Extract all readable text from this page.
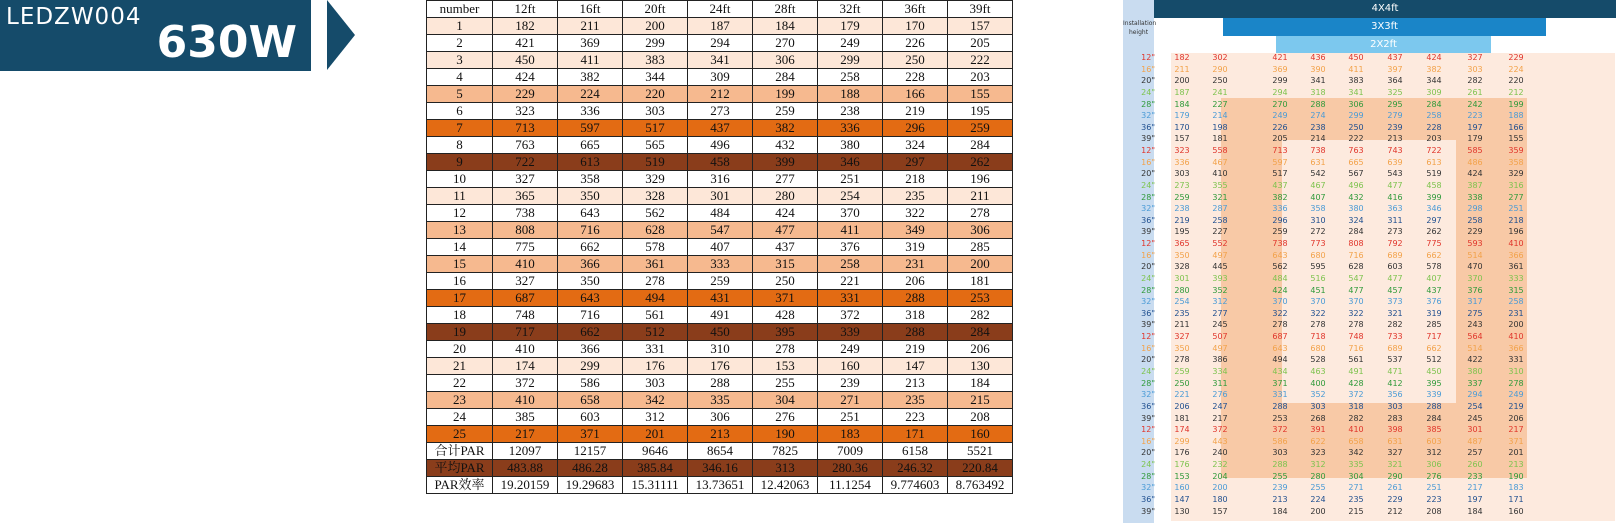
LEDZW004 630W
number	12ft	16ft	20ft	24ft	28ft	32ft	36ft	39ft
1	182	211	200	187	184	179	170	157
2	421	369	299	294	270	249	226	205
3	450	411	383	341	306	299	250	222
4	424	382	344	309	284	258	228	203
5	229	224	220	212	199	188	166	155
6	323	336	303	273	259	238	219	195
7	713	597	517	437	382	336	296	259
8	763	665	565	496	432	380	324	284
9	722	613	519	458	399	346	297	262
10	327	358	329	316	277	251	218	196
11	365	350	328	301	280	254	235	211
12	738	643	562	484	424	370	322	278
13	808	716	628	547	477	411	349	306
14	775	662	578	407	437	376	319	285
15	410	366	361	333	315	258	231	200
16	327	350	278	259	250	221	206	181
17	687	643	494	431	371	331	288	253
18	748	716	561	491	428	372	318	282
19	717	662	512	450	395	339	288	284
20	410	366	331	310	278	249	219	206
21	174	299	176	176	153	160	147	130
22	372	586	303	288	255	239	213	184
23	410	658	342	335	304	271	235	215
24	385	603	312	306	276	251	223	208
25	217	371	201	213	190	183	171	160
合计PAR	12097	12157	9646	8654	7825	7009	6158	5521
平均PAR	483.88	486.28	385.84	346.16	313	280.36	246.32	220.84
PAR效率	19.20159	19.29683	15.31111	13.73651	12.42063	11.1254	9.774603	8.763492
Installation
height
4X4ft
3X3ft
2X2ft
12"	182	302	421	436	450	437	424	327	229
16"	211	290	369	390	411	397	382	303	224
20"	200	250	299	341	383	364	344	282	220
24"	187	241	294	318	341	325	309	261	212
28"	184	227	270	288	306	295	284	242	199
32"	179	214	249	274	299	279	258	223	188
36"	170	198	226	238	250	239	228	197	166
39"	157	181	205	214	222	213	203	179	155
12"	323	558	713	738	763	743	722	585	359
16"	336	467	597	631	665	639	613	486	358
20"	303	410	517	542	567	543	519	424	329
24"	273	355	437	467	496	477	458	387	316
28"	259	321	382	407	432	416	399	338	277
32"	238	287	336	358	380	363	346	298	251
36"	219	258	296	310	324	311	297	258	218
39"	195	227	259	272	284	273	262	229	196
12"	365	552	738	773	808	792	775	593	410
16"	350	497	643	680	716	689	662	514	366
20"	328	445	562	595	628	603	578	470	361
24"	301	393	484	516	547	477	407	370	333
28"	280	352	424	451	477	457	437	376	315
32"	254	312	370	370	370	373	376	317	258
36"	235	277	322	322	322	321	319	275	231
39"	211	245	278	278	278	282	285	243	200
12"	327	507	687	718	748	733	717	564	410
16"	350	497	643	680	716	689	662	514	366
20"	278	386	494	528	561	537	512	422	331
24"	259	334	434	463	491	471	450	380	310
28"	250	311	371	400	428	412	395	337	278
32"	221	276	331	352	372	356	339	294	249
36"	206	247	288	303	318	303	288	254	219
39"	181	217	253	268	282	283	284	245	206
12"	174	372	372	391	410	398	385	301	217
16"	299	443	586	622	658	631	603	487	371
20"	176	240	303	323	342	327	312	257	201
24"	176	232	288	312	335	321	306	260	213
28"	153	204	255	280	304	290	276	233	190
32"	160	200	239	255	271	261	251	217	183
36"	147	180	213	224	235	229	223	197	171
39"	130	157	184	200	215	212	208	184	160
